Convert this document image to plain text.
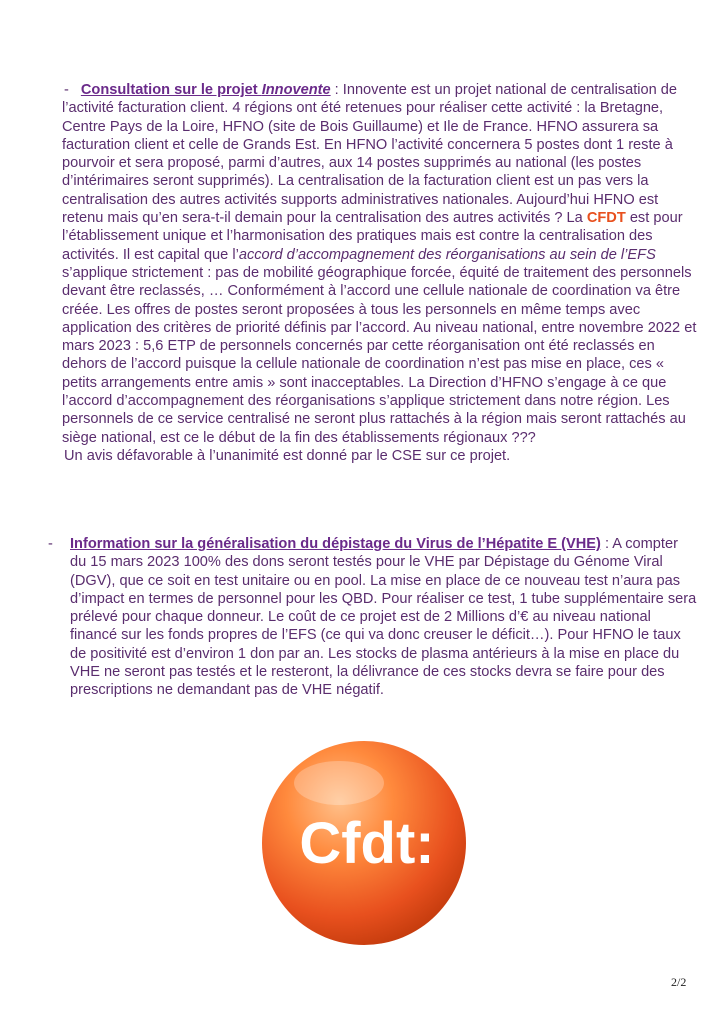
- Consultation sur le projet Innovente : Innovente est un projet national de centralisation de l’activité facturation client. 4 régions ont été retenues pour réaliser cette activité : la Bretagne, Centre Pays de la Loire, HFNO (site de Bois Guillaume) et Ile de France. HFNO assurera sa facturation client et celle de Grands Est. En HFNO l’activité concernera 5 postes dont 1 reste à pourvoir et sera proposé, parmi d’autres, aux 14 postes supprimés au national (les postes d’intérimaires seront supprimés). La centralisation de la facturation client est un pas vers la centralisation des autres activités supports administratives nationales. Aujourd’hui HFNO est retenu mais qu’en sera-t-il demain pour la centralisation des autres activités ? La CFDT est pour l’établissement unique et l’harmonisation des pratiques mais est contre la centralisation des activités. Il est capital que l’accord d’accompagnement des réorganisations au sein de l’EFS s’applique strictement : pas de mobilité géographique forcée, équité de traitement des personnels devant être reclassés, … Conformément à l’accord une cellule nationale de coordination va être créée. Les offres de postes seront proposées à tous les personnels en même temps avec application des critères de priorité définis par l’accord. Au niveau national, entre novembre 2022 et mars 2023 : 5,6 ETP de personnels concernés par cette réorganisation ont été reclassés en dehors de l’accord puisque la cellule nationale de coordination n’est pas mise en place, ces « petits arrangements entre amis » sont inacceptables. La Direction d’HFNO s’engage à ce que l’accord d’accompagnement des réorganisations s’applique strictement dans notre région. Les personnels de ce service centralisé ne seront plus rattachés à la région mais seront rattachés au siège national, est ce le début de la fin des établissements régionaux ???
Un avis défavorable à l’unanimité est donné par le CSE sur ce projet.
- Information sur la généralisation du dépistage du Virus de l’Hépatite E (VHE) : A compter du 15 mars 2023 100% des dons seront testés pour le VHE par Dépistage du Génome Viral (DGV), que ce soit en test unitaire ou en pool. La mise en place de ce nouveau test n’aura pas d’impact en termes de personnel pour les QBD. Pour réaliser ce test, 1 tube supplémentaire sera prélevé pour chaque donneur. Le coût de ce projet est de 2 Millions d’€ au niveau national financé sur les fonds propres de l’EFS (ce qui va donc creuser le déficit…). Pour HFNO le taux de positivité est d’environ 1 don par an. Les stocks de plasma antérieurs à la mise en place du VHE ne seront pas testés et le resteront, la délivrance de ces stocks devra se faire pour des prescriptions ne demandant pas de VHE négatif.
Cfdt:
2/2
